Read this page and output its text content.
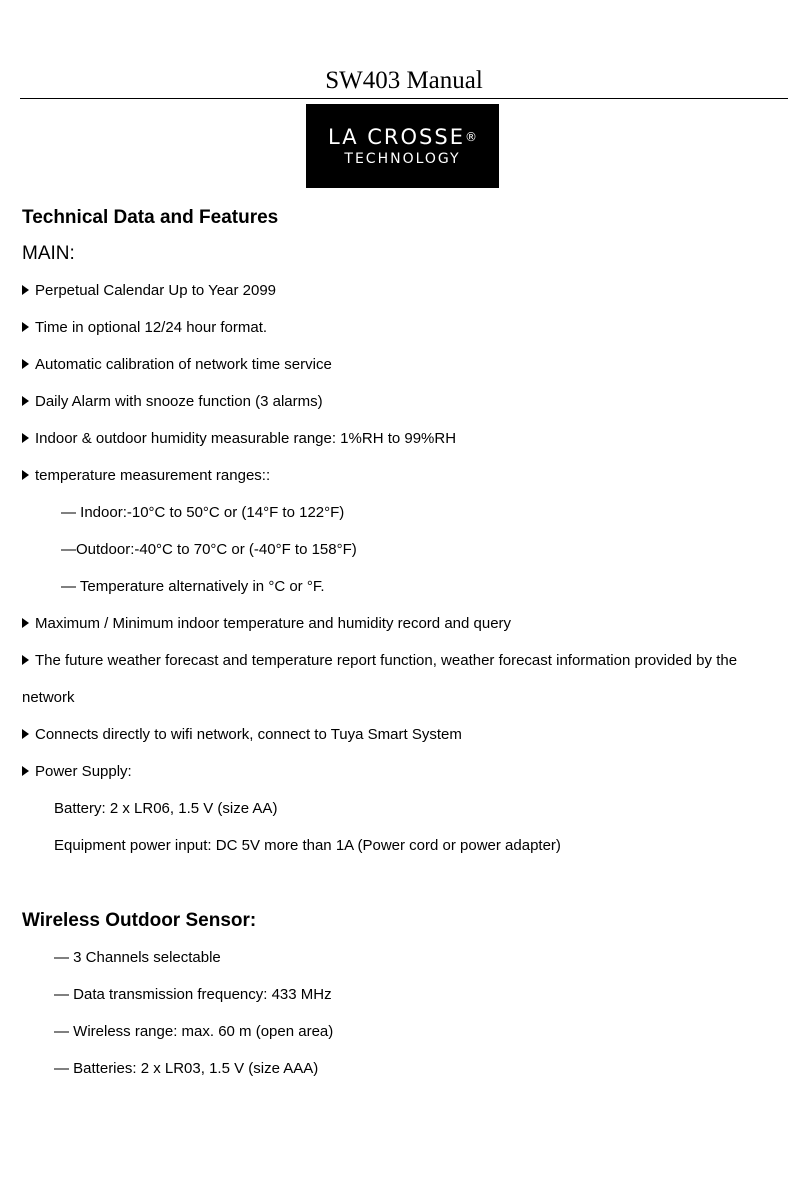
SW403 Manual
LA CROSSE®
TECHNOLOGY
Technical Data and Features
MAIN:
Perpetual Calendar Up to Year 2099
Time in optional 12/24 hour format.
Automatic calibration of network time service
Daily Alarm with snooze function (3 alarms)
Indoor & outdoor humidity measurable range: 1%RH to 99%RH
temperature measurement ranges::
— Indoor:-10°C to 50°C or (14°F to 122°F)
—Outdoor:-40°C to 70°C or (-40°F to 158°F)
— Temperature alternatively in °C or °F.
Maximum / Minimum indoor temperature and humidity record and query
The future weather forecast and temperature report function, weather forecast information provided by the
network
Connects directly to wifi network, connect to Tuya Smart System
Power Supply:
Battery: 2 x LR06, 1.5 V (size AA)
Equipment power input: DC 5V more than 1A (Power cord or power adapter)
Wireless Outdoor Sensor:
— 3 Channels selectable
— Data transmission frequency: 433 MHz
— Wireless range: max. 60 m (open area)
— Batteries: 2 x LR03, 1.5 V (size AAA)
